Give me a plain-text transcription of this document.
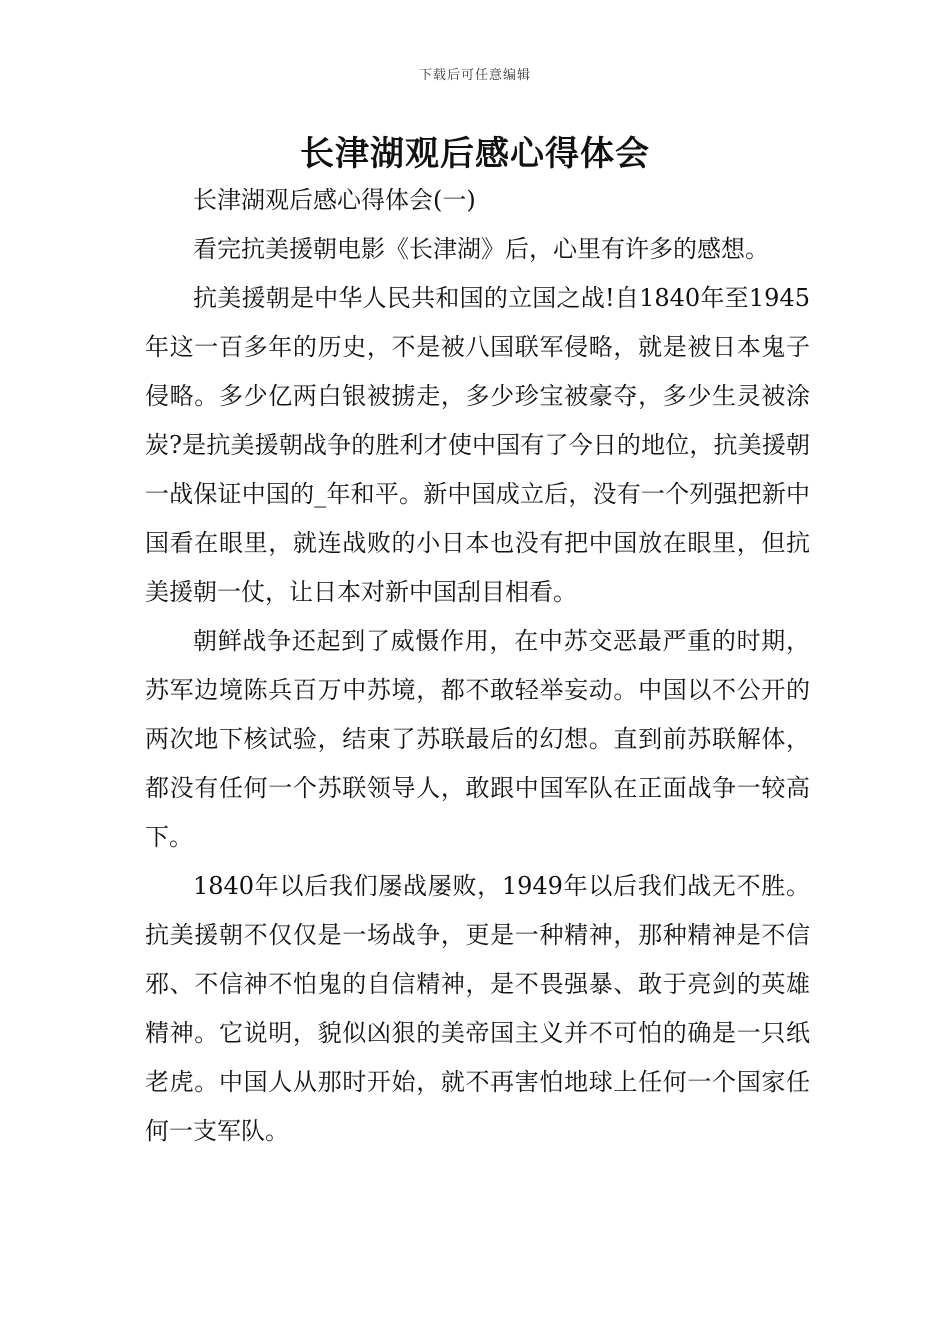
下载后可任意编辑
长津湖观后感心得体会

长津湖观后感心得体会(一)

看完抗美援朝电影《长津湖》后，心里有许多的感想。

抗美援朝是中华人民共和国的立国之战!自1840年至1945年这一百多年的历史，不是被八国联军侵略，就是被日本鬼子侵略。多少亿两白银被掳走，多少珍宝被豪夺，多少生灵被涂炭?是抗美援朝战争的胜利才使中国有了今日的地位，抗美援朝一战保证中国的_年和平。新中国成立后，没有一个列强把新中国看在眼里，就连战败的小日本也没有把中国放在眼里，但抗美援朝一仗，让日本对新中国刮目相看。

朝鲜战争还起到了威慑作用，在中苏交恶最严重的时期，苏军边境陈兵百万中苏境，都不敢轻举妄动。中国以不公开的两次地下核试验，结束了苏联最后的幻想。直到前苏联解体，都没有任何一个苏联领导人，敢跟中国军队在正面战争一较高下。

1840年以后我们屡战屡败，1949年以后我们战无不胜。抗美援朝不仅仅是一场战争，更是一种精神，那种精神是不信邪、不信神不怕鬼的自信精神，是不畏强暴、敢于亮剑的英雄精神。它说明，貌似凶狠的美帝国主义并不可怕的确是一只纸老虎。中国人从那时开始，就不再害怕地球上任何一个国家任何一支军队。
